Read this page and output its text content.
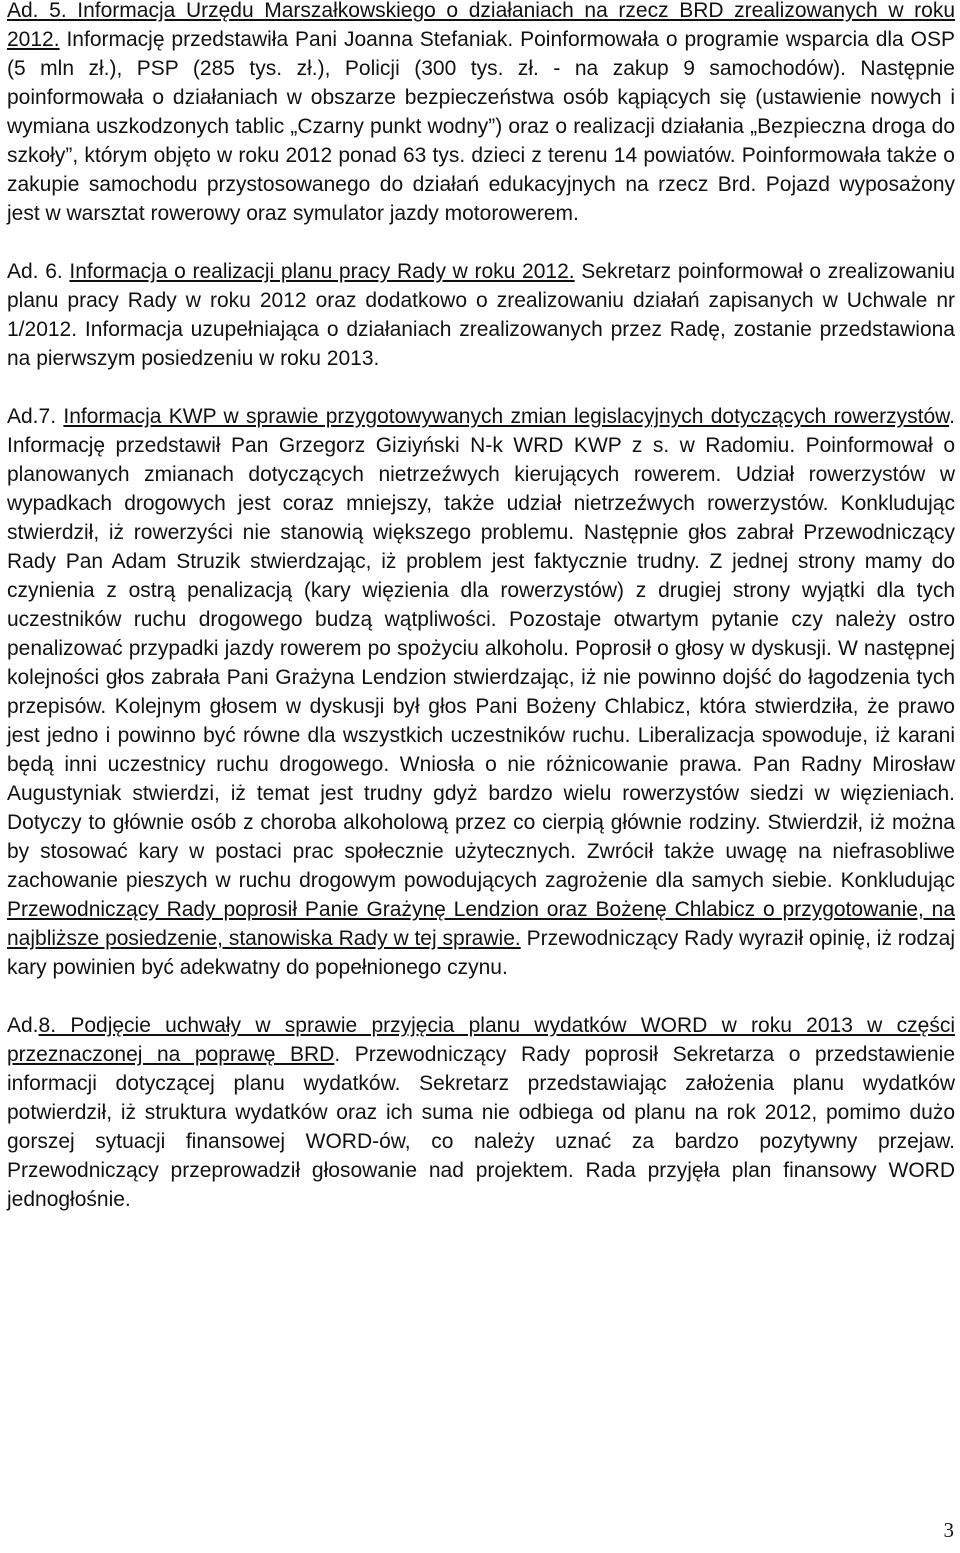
Ad. 5. Informacja Urzędu Marszałkowskiego o działaniach na rzecz BRD zrealizowanych w roku 2012. Informację przedstawiła Pani Joanna Stefaniak. Poinformowała o programie wsparcia dla OSP (5 mln zł.), PSP (285 tys. zł.), Policji (300 tys. zł. - na zakup 9 samochodów). Następnie poinformowała o działaniach w obszarze bezpieczeństwa osób kąpiących się (ustawienie nowych i wymiana uszkodzonych tablic „Czarny punkt wodny”) oraz o realizacji działania „Bezpieczna droga do szkoły”, którym objęto w roku 2012 ponad 63 tys. dzieci z terenu 14 powiatów. Poinformowała także o zakupie samochodu przystosowanego do działań edukacyjnych na rzecz Brd. Pojazd wyposażony jest w warsztat rowerowy oraz symulator jazdy motorowerem.

Ad. 6. Informacja o realizacji planu pracy Rady w roku 2012. Sekretarz poinformował o zrealizowaniu planu pracy Rady w roku 2012 oraz dodatkowo o zrealizowaniu działań zapisanych w Uchwale nr 1/2012. Informacja uzupełniająca o działaniach zrealizowanych przez Radę, zostanie przedstawiona na pierwszym posiedzeniu w roku 2013.

Ad.7. Informacja KWP w sprawie przygotowywanych zmian legislacyjnych dotyczących rowerzystów. Informację przedstawił Pan Grzegorz Giziyński N-k WRD KWP z s. w Radomiu. Poinformował o planowanych zmianach dotyczących nietrzeźwych kierujących rowerem. Udział rowerzystów w wypadkach drogowych jest coraz mniejszy, także udział nietrzeźwych rowerzystów. Konkludując stwierdził, iż rowerzyści nie stanowią większego problemu. Następnie głos zabrał Przewodniczący Rady Pan Adam Struzik stwierdzając, iż problem jest faktycznie trudny. Z jednej strony mamy do czynienia z ostrą penalizacją (kary więzienia dla rowerzystów) z drugiej strony wyjątki dla tych uczestników ruchu drogowego budzą wątpliwości. Pozostaje otwartym pytanie czy należy ostro penalizować przypadki jazdy rowerem po spożyciu alkoholu. Poprosił o głosy w dyskusji. W następnej kolejności głos zabrała Pani Grażyna Lendzion stwierdzając, iż nie powinno dojść do łagodzenia tych przepisów. Kolejnym głosem w dyskusji był głos Pani Bożeny Chlabicz, która stwierdziła, że prawo jest jedno i powinno być równe dla wszystkich uczestników ruchu. Liberalizacja spowoduje, iż karani będą inni uczestnicy ruchu drogowego. Wniosła o nie różnicowanie prawa. Pan Radny Mirosław Augustyniak stwierdzi, iż temat jest trudny gdyż bardzo wielu rowerzystów siedzi w więzieniach. Dotyczy to głównie osób z choroba alkoholową przez co cierpią głównie rodziny. Stwierdził, iż można by stosować kary w postaci prac społecznie użytecznych. Zwrócił także uwagę na niefrasobliwe zachowanie pieszych w ruchu drogowym powodujących zagrożenie dla samych siebie. Konkludując Przewodniczący Rady poprosił Panie Grażynę Lendzion oraz Bożenę Chlabicz o przygotowanie, na najbliższe posiedzenie, stanowiska Rady w tej sprawie. Przewodniczący Rady wyraził opinię, iż rodzaj kary powinien być adekwatny do popełnionego czynu.

Ad.8. Podjęcie uchwały w sprawie przyjęcia planu wydatków WORD w roku 2013 w części przeznaczonej na poprawę BRD. Przewodniczący Rady poprosił Sekretarza o przedstawienie informacji dotyczącej planu wydatków. Sekretarz przedstawiając założenia planu wydatków potwierdził, iż struktura wydatków oraz ich suma nie odbiega od planu na rok 2012, pomimo dużo gorszej sytuacji finansowej WORD-ów, co należy uznać za bardzo pozytywny przejaw. Przewodniczący przeprowadził głosowanie nad projektem. Rada przyjęła plan finansowy WORD jednogłośnie.

3
